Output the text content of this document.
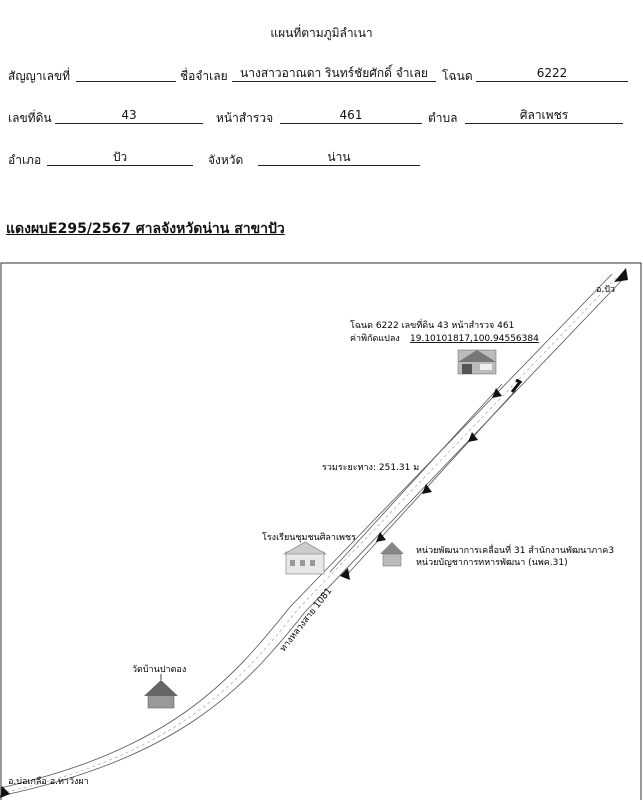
แผนที่ตามภูมิลำเนา
สัญญาเลขที่	ชื่อจำเลย	นางสาวอาณดา รินทร์ชัยศักดิ์ จำเลย	โฉนด	6222
เลขที่ดิน	43	หน้าสำรวจ	461	ตำบล	ศิลาเพชร
อำเภอ	ปัว	จังหวัด	น่าน
แดงผบE295/2567 ศาลจังหวัดน่าน สาขาปัว
อ.ปัว
โฉนด 6222 เลขที่ดิน 43 หน้าสำรวจ 461
ค่าพิกัดแปลง 19.10101817,100.94556384
รวมระยะทาง: 251.31 ม
โรงเรียนชุมชนศิลาเพชร
หน่วยพัฒนาการเคลื่อนที่ 31 สำนักงานพัฒนาภาค3
หน่วยบัญชาการทหารพัฒนา (นพค.31)
ทางหลวงสาย 1081
วัดบ้านปาตอง
อ.บ่อเกลือ อ.ทาวังผา
